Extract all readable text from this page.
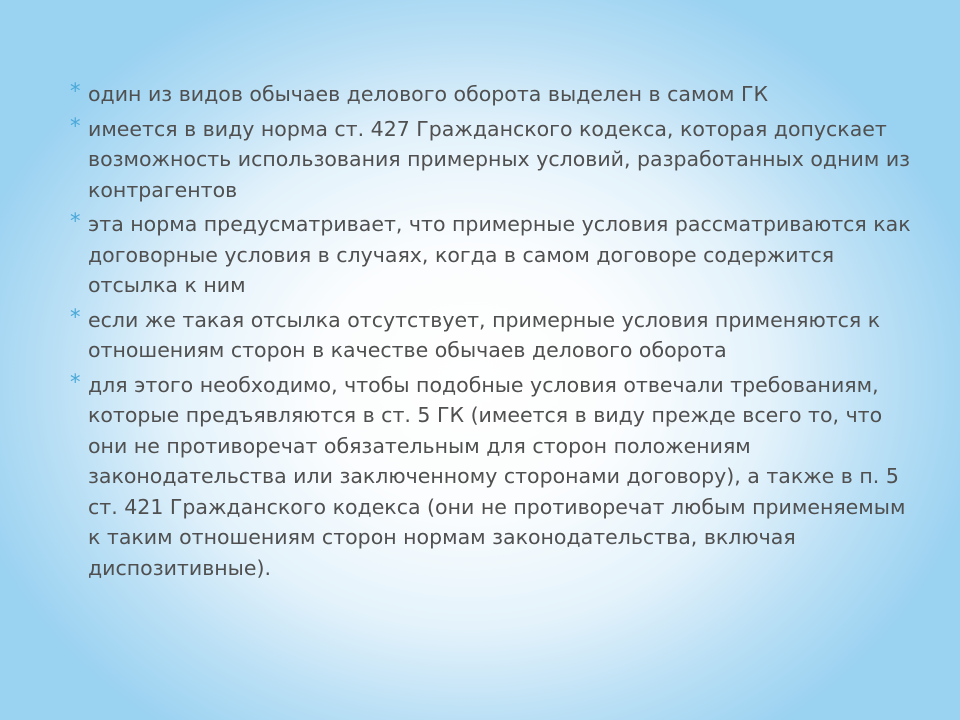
* один из видов обычаев делового оборота выделен в самом ГК
* имеется в виду норма ст. 427 Гражданского кодекса, которая допускает возможность использования примерных условий, разработанных одним из контрагентов
* эта норма предусматривает, что примерные условия рассматриваются как договорные условия в случаях, когда в самом договоре содержится отсылка к ним
* если же такая отсылка отсутствует, примерные условия применяются к отношениям сторон в качестве обычаев делового оборота
* для этого необходимо, чтобы подобные условия отвечали требованиям, которые предъявляются в ст. 5 ГК (имеется в виду прежде всего то, что они не противоречат обязательным для сторон положениям законодательства или заключенному сторонами договору), а также в п. 5 ст. 421 Гражданского кодекса (они не противоречат любым применяемым к таким отношениям сторон нормам законодательства, включая диспозитивные).
